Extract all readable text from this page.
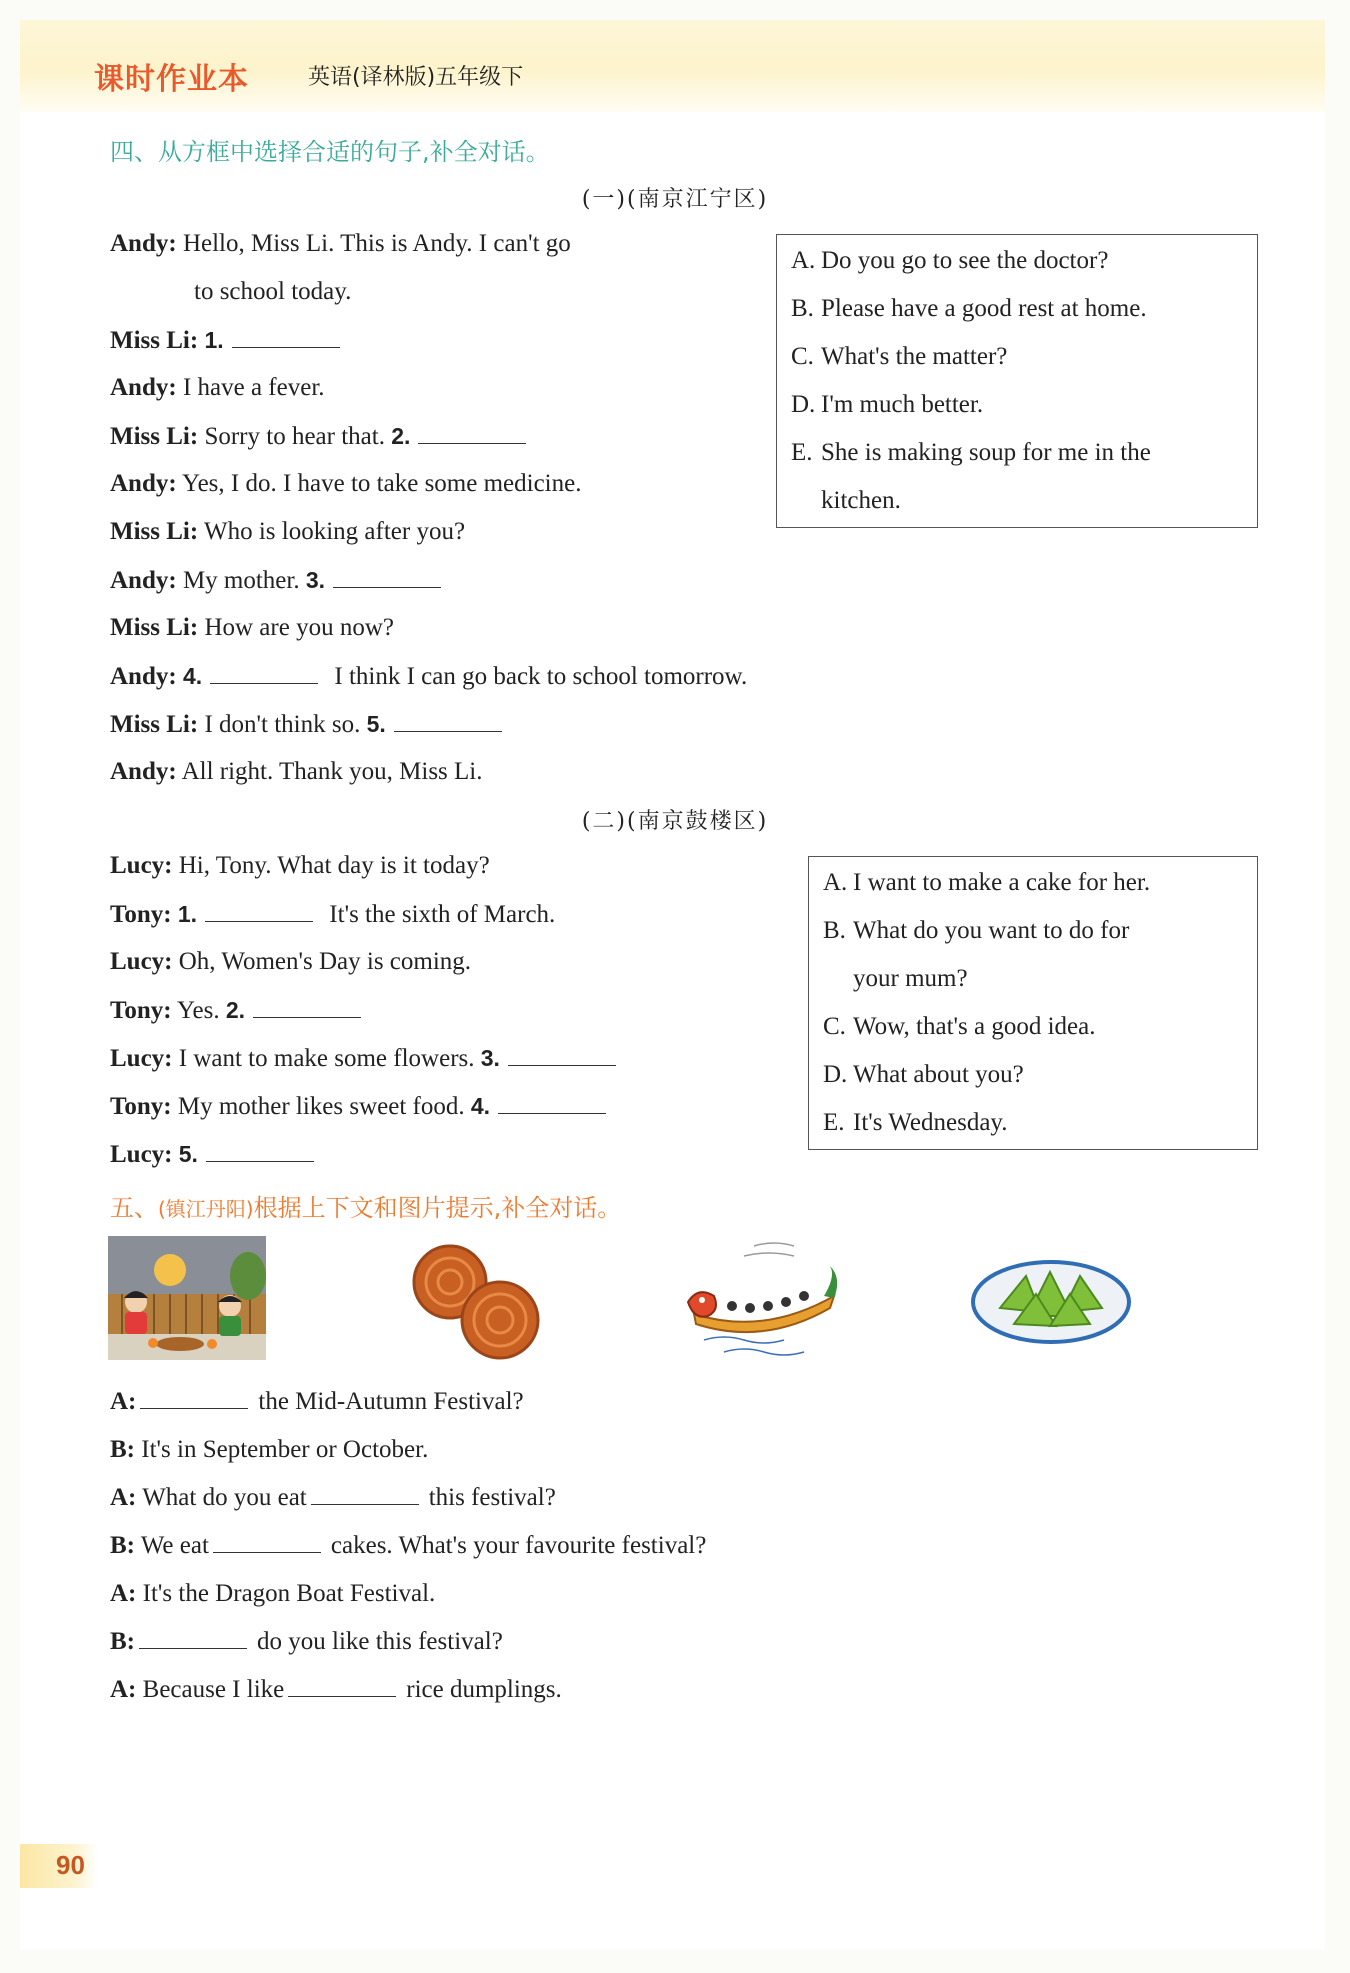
课时作业本	英语(译林版)五年级下
四、从方框中选择合适的句子,补全对话。
(一)(南京江宁区)
Andy: Hello, Miss Li. This is Andy. I can't go
to school today.
Miss Li: 1.
Andy: I have a fever.
Miss Li: Sorry to hear that. 2.
Andy: Yes, I do. I have to take some medicine.
Miss Li: Who is looking after you?
Andy: My mother. 3.
Miss Li: How are you now?
Andy: 4.	I think I can go back to school tomorrow.
Miss Li: I don't think so. 5.
Andy: All right. Thank you, Miss Li.
A. Do you go to see the doctor?
B. Please have a good rest at home.
C. What's the matter?
D. I'm much better.
E. She is making soup for me in the
kitchen.
(二)(南京鼓楼区)
Lucy: Hi, Tony. What day is it today?
Tony: 1.	It's the sixth of March.
Lucy: Oh, Women's Day is coming.
Tony: Yes. 2.
Lucy: I want to make some flowers. 3.
Tony: My mother likes sweet food. 4.
Lucy: 5.
A. I want to make a cake for her.
B. What do you want to do for
your mum?
C. Wow, that's a good idea.
D. What about you?
E. It's Wednesday.
五、(镇江丹阳)根据上下文和图片提示,补全对话。
A:	the Mid-Autumn Festival?
B: It's in September or October.
A: What do you eat	this festival?
B: We eat	cakes. What's your favourite festival?
A: It's the Dragon Boat Festival.
B:	do you like this festival?
A: Because I like	rice dumplings.
90
